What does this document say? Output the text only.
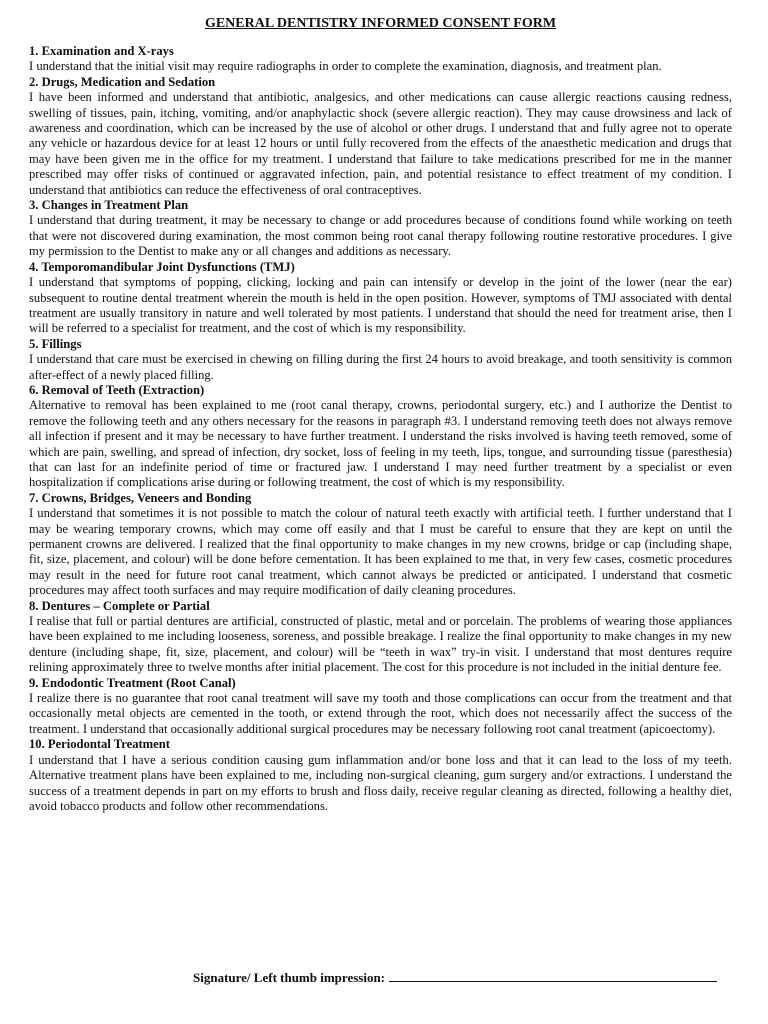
GENERAL DENTISTRY INFORMED CONSENT FORM
1. Examination and X-rays

I understand that the initial visit may require radiographs in order to complete the examination, diagnosis, and treatment plan.

2. Drugs, Medication and Sedation

I have been informed and understand that antibiotic, analgesics, and other medications can cause allergic reactions causing redness, swelling of tissues, pain, itching, vomiting, and/or anaphylactic shock (severe allergic reaction). They may cause drowsiness and lack of awareness and coordination, which can be increased by the use of alcohol or other drugs. I understand that and fully agree not to operate any vehicle or hazardous device for at least 12 hours or until fully recovered from the effects of the anaesthetic medication and drugs that may have been given me in the office for my treatment. I understand that failure to take medications prescribed for me in the manner prescribed may offer risks of continued or aggravated infection, pain, and potential resistance to effect treatment of my condition. I understand that antibiotics can reduce the effectiveness of oral contraceptives.

3. Changes in Treatment Plan

I understand that during treatment, it may be necessary to change or add procedures because of conditions found while working on teeth that were not discovered during examination, the most common being root canal therapy following routine restorative procedures. I give my permission to the Dentist to make any or all changes and additions as necessary.

4. Temporomandibular Joint Dysfunctions (TMJ)

I understand that symptoms of popping, clicking, locking and pain can intensify or develop in the joint of the lower (near the ear) subsequent to routine dental treatment wherein the mouth is held in the open position. However, symptoms of TMJ associated with dental treatment are usually transitory in nature and well tolerated by most patients. I understand that should the need for treatment arise, then I will be referred to a specialist for treatment, and the cost of which is my responsibility.

5. Fillings

I understand that care must be exercised in chewing on filling during the first 24 hours to avoid breakage, and tooth sensitivity is common after-effect of a newly placed filling.

6. Removal of Teeth (Extraction)

Alternative to removal has been explained to me (root canal therapy, crowns, periodontal surgery, etc.) and I authorize the Dentist to remove the following teeth and any others necessary for the reasons in paragraph #3. I understand removing teeth does not always remove all infection if present and it may be necessary to have further treatment. I understand the risks involved is having teeth removed, some of which are pain, swelling, and spread of infection, dry socket, loss of feeling in my teeth, lips, tongue, and surrounding tissue (paresthesia) that can last for an indefinite period of time or fractured jaw. I understand I may need further treatment by a specialist or even hospitalization if complications arise during or following treatment, the cost of which is my responsibility.

7. Crowns, Bridges, Veneers and Bonding

I understand that sometimes it is not possible to match the colour of natural teeth exactly with artificial teeth. I further understand that I may be wearing temporary crowns, which may come off easily and that I must be careful to ensure that they are kept on until the permanent crowns are delivered. I realized that the final opportunity to make changes in my new crowns, bridge or cap (including shape, fit, size, placement, and colour) will be done before cementation. It has been explained to me that, in very few cases, cosmetic procedures may result in the need for future root canal treatment, which cannot always be predicted or anticipated. I understand that cosmetic procedures may affect tooth surfaces and may require modification of daily cleaning procedures.

8. Dentures – Complete or Partial

I realise that full or partial dentures are artificial, constructed of plastic, metal and or porcelain. The problems of wearing those appliances have been explained to me including looseness, soreness, and possible breakage. I realize the final opportunity to make changes in my new denture (including shape, fit, size, placement, and colour) will be “teeth in wax” try-in visit. I understand that most dentures require relining approximately three to twelve months after initial placement. The cost for this procedure is not included in the initial denture fee.

9. Endodontic Treatment (Root Canal)

I realize there is no guarantee that root canal treatment will save my tooth and those complications can occur from the treatment and that occasionally metal objects are cemented in the tooth, or extend through the root, which does not necessarily affect the success of the treatment. I understand that occasionally additional surgical procedures may be necessary following root canal treatment (apicoectomy).

10. Periodontal Treatment

I understand that I have a serious condition causing gum inflammation and/or bone loss and that it can lead to the loss of my teeth. Alternative treatment plans have been explained to me, including non-surgical cleaning, gum surgery and/or extractions. I understand the success of a treatment depends in part on my efforts to brush and floss daily, receive regular cleaning as directed, following a healthy diet, avoid tobacco products and follow other recommendations.

Signature/ Left thumb impression:
